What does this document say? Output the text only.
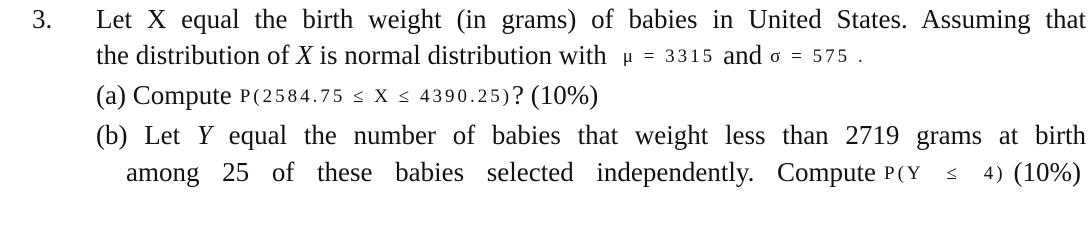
3. Let X equal the birth weight (in grams) of babies in United States. Assuming that
the distribution of X is normal distribution with μ = 3315 and σ = 575 .
(a) Compute P(2584.75 ≤ X ≤ 4390.25)? (10%)
(b) Let Y equal the number of babies that weight less than 2719 grams at birth
among 25 of these babies selected independently. Compute P(Y ≤ 4) (10%)
